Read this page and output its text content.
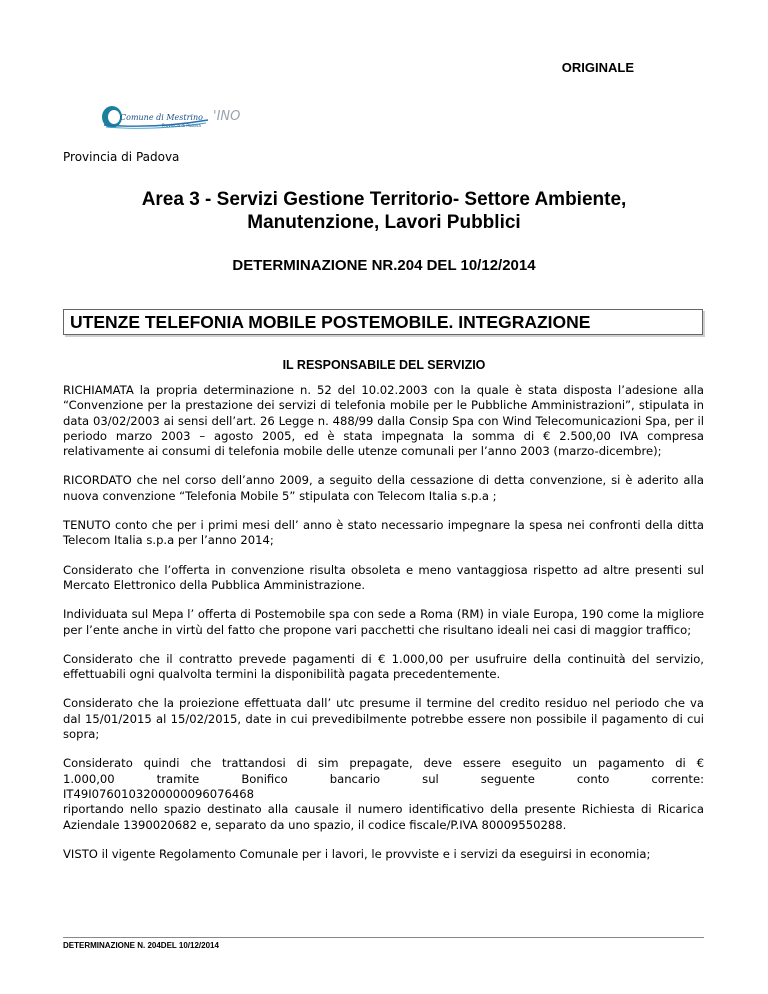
ORIGINALE
Comune di Mestrino
Provincia di Padova
'INO
Provincia di Padova
Area 3 - Servizi Gestione Territorio- Settore Ambiente,
Manutenzione, Lavori Pubblici
DETERMINAZIONE NR.204 DEL 10/12/2014
UTENZE TELEFONIA MOBILE POSTEMOBILE. INTEGRAZIONE
IL RESPONSABILE DEL SERVIZIO

RICHIAMATA la propria determinazione n. 52 del 10.02.2003 con la quale è stata disposta l’adesione alla “Convenzione per la prestazione dei servizi di telefonia mobile per le Pubbliche Amministrazioni”, stipulata in data 03/02/2003 ai sensi dell’art. 26 Legge n. 488/99 dalla Consip Spa con Wind Telecomunicazioni Spa, per il periodo marzo 2003 – agosto 2005, ed è stata impegnata la somma di € 2.500,00 IVA compresa relativamente ai consumi di telefonia mobile delle utenze comunali per l’anno 2003 (marzo-dicembre);

RICORDATO che nel corso dell’anno 2009, a seguito della cessazione di detta convenzione, si è aderito alla nuova convenzione “Telefonia Mobile 5” stipulata con Telecom Italia s.p.a ;

TENUTO conto che per i primi mesi dell’ anno è stato necessario impegnare la spesa nei confronti della ditta Telecom Italia s.p.a per l’anno 2014;

Considerato che l’offerta in convenzione risulta obsoleta e meno vantaggiosa rispetto ad altre presenti sul Mercato Elettronico della Pubblica Amministrazione.

Individuata sul Mepa l’ offerta di Postemobile spa con sede a Roma (RM) in viale Europa, 190 come la migliore per l’ente anche in virtù del fatto che propone vari pacchetti che risultano ideali nei casi di maggior traffico;

Considerato che il contratto prevede pagamenti di € 1.000,00 per usufruire della continuità del servizio, effettuabili ogni qualvolta termini la disponibilità pagata precedentemente.

Considerato che la proiezione effettuata dall’ utc presume il termine del credito residuo nel periodo che va dal 15/01/2015 al 15/02/2015, date in cui prevedibilmente potrebbe essere non possibile il pagamento di cui sopra;

Considerato quindi che trattandosi di sim prepagate, deve essere eseguito un pagamento di €
1.000,00 tramite Bonifico bancario sul seguente conto corrente:
IT49I0760103200000096076468
riportando nello spazio destinato alla causale il numero identificativo della presente Richiesta di Ricarica Aziendale 1390020682 e, separato da uno spazio, il codice fiscale/P.IVA 80009550288.

VISTO il vigente Regolamento Comunale per i lavori, le provviste e i servizi da eseguirsi in economia;

DETERMINAZIONE N. 204DEL 10/12/2014
